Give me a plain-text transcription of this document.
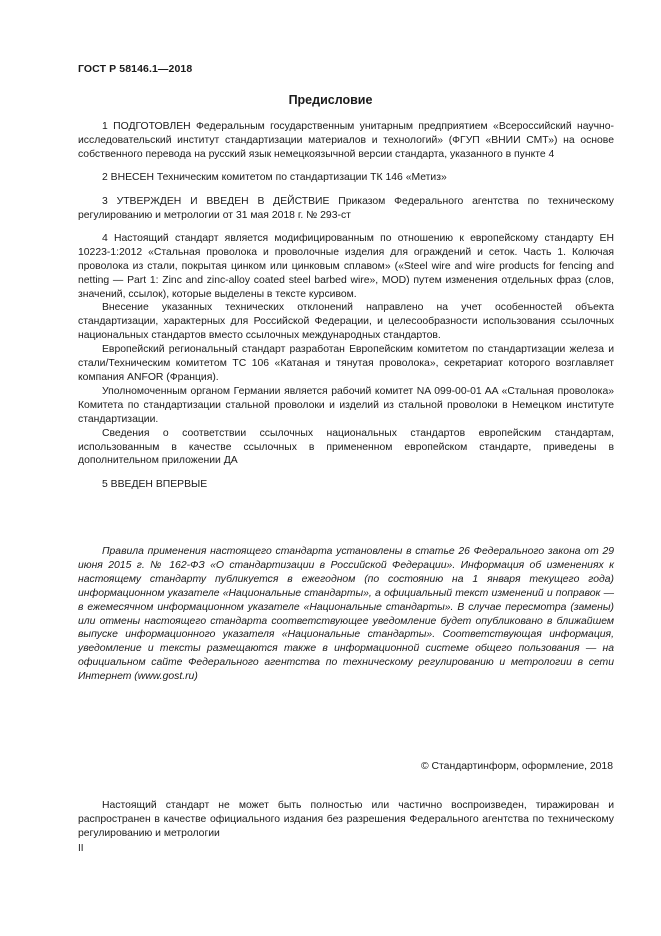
ГОСТ Р 58146.1—2018
Предисловие

1 ПОДГОТОВЛЕН Федеральным государственным унитарным предприятием «Всероссийский научно-исследовательский институт стандартизации материалов и технологий» (ФГУП «ВНИИ СМТ») на основе собственного перевода на русский язык немецкоязычной версии стандарта, указанного в пункте 4

2 ВНЕСЕН Техническим комитетом по стандартизации ТК 146 «Метиз»

3 УТВЕРЖДЕН И ВВЕДЕН В ДЕЙСТВИЕ Приказом Федерального агентства по техническому регулированию и метрологии от 31 мая 2018 г. № 293-ст

4 Настоящий стандарт является модифицированным по отношению к европейскому стандарту ЕН 10223-1:2012 «Стальная проволока и проволочные изделия для ограждений и сеток. Часть 1. Колючая проволока из стали, покрытая цинком или цинковым сплавом» («Steel wire and wire products for fencing and netting — Part 1: Zinc and zinc-alloy coated steel barbed wire», MOD) путем изменения отдельных фраз (слов, значений, ссылок), которые выделены в тексте курсивом.

Внесение указанных технических отклонений направлено на учет особенностей объекта стандартизации, характерных для Российской Федерации, и целесообразности использования ссылочных национальных стандартов вместо ссылочных международных стандартов.

Европейский региональный стандарт разработан Европейским комитетом по стандартизации железа и стали/Техническим комитетом ТС 106 «Катаная и тянутая проволока», секретариат которого возглавляет компания ANFOR (Франция).

Уполномоченным органом Германии является рабочий комитет NA 099-00-01 AA «Стальная проволока» Комитета по стандартизации стальной проволоки и изделий из стальной проволоки в Немецком институте стандартизации.

Сведения о соответствии ссылочных национальных стандартов европейским стандартам, использованным в качестве ссылочных в примененном европейском стандарте, приведены в дополнительном приложении ДА

5 ВВЕДЕН ВПЕРВЫЕ

Правила применения настоящего стандарта установлены в статье 26 Федерального закона от 29 июня 2015 г. № 162-ФЗ «О стандартизации в Российской Федерации». Информация об изменениях к настоящему стандарту публикуется в ежегодном (по состоянию на 1 января текущего года) информационном указателе «Национальные стандарты», а официальный текст изменений и поправок — в ежемесячном информационном указателе «Национальные стандарты». В случае пересмотра (замены) или отмены настоящего стандарта соответствующее уведомление будет опубликовано в ближайшем выпуске информационного указателя «Национальные стандарты». Соответствующая информация, уведомление и тексты размещаются также в информационной системе общего пользования — на официальном сайте Федерального агентства по техническому регулированию и метрологии в сети Интернет (www.gost.ru)

© Стандартинформ, оформление, 2018

Настоящий стандарт не может быть полностью или частично воспроизведен, тиражирован и распространен в качестве официального издания без разрешения Федерального агентства по техническому регулированию и метрологии

II
